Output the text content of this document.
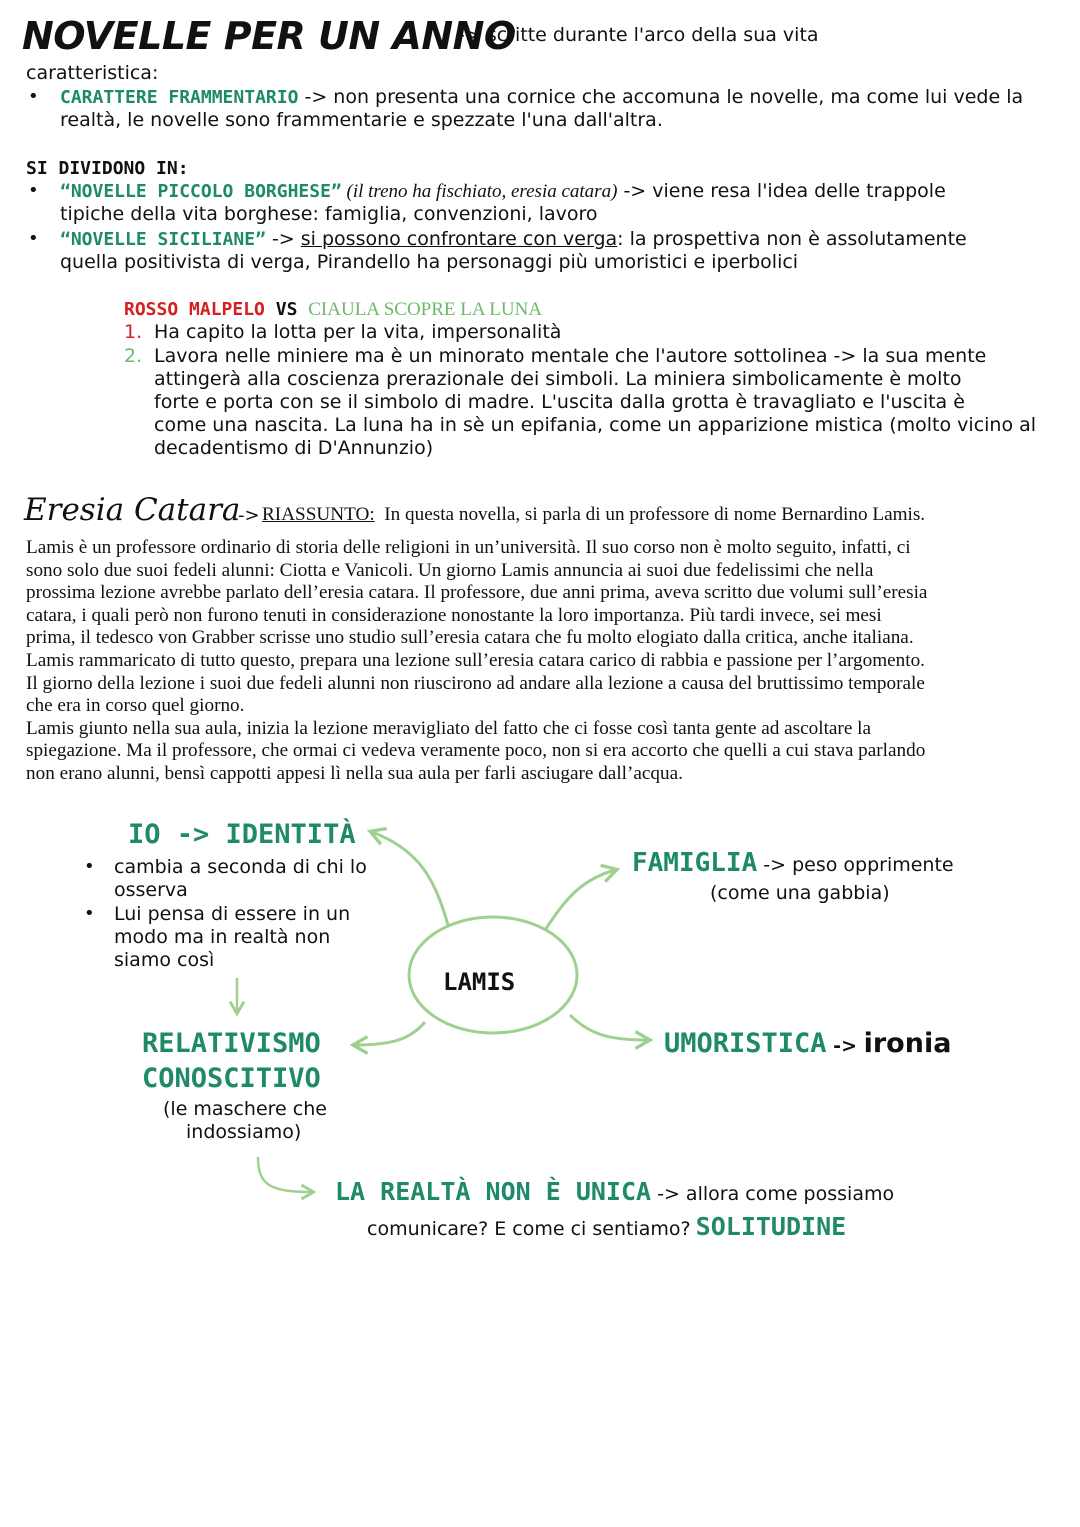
NOVELLE PER UN ANNO
-> scritte durante l'arco della sua vita
caratteristica:
• CARATTERE FRAMMENTARIO -> non presenta una cornice che accomuna le novelle, ma come lui vede la
realtà, le novelle sono frammentarie e spezzate l'una dall'altra.
SI DIVIDONO IN:
• “NOVELLE PICCOLO BORGHESE” (il treno ha fischiato, eresia catara) -> viene resa l'idea delle trappole
tipiche della vita borghese: famiglia, convenzioni, lavoro
• “NOVELLE SICILIANE” -> si possono confrontare con verga: la prospettiva non è assolutamente
quella positivista di verga, Pirandello ha personaggi più umoristici e iperbolici
ROSSO MALPELO VS CIAULA SCOPRE LA LUNA
1. Ha capito la lotta per la vita, impersonalità
2. Lavora nelle miniere ma è un minorato mentale che l'autore sottolinea -> la sua mente
attingerà alla coscienza prerazionale dei simboli. La miniera simbolicamente è molto
forte e porta con se il simbolo di madre. L'uscita dalla grotta è travagliato e l'uscita è
come una nascita. La luna ha in sè un epifania, come un apparizione mistica (molto vicino al
decadentismo di D'Annunzio)
Eresia Catara
-> RIASSUNTO: In questa novella, si parla di un professore di nome Bernardino Lamis.
Lamis è un professore ordinario di storia delle religioni in un’università. Il suo corso non è molto seguito, infatti, ci
sono solo due suoi fedeli alunni: Ciotta e Vanicoli. Un giorno Lamis annuncia ai suoi due fedelissimi che nella
prossima lezione avrebbe parlato dell’eresia catara. Il professore, due anni prima, aveva scritto due volumi sull’eresia
catara, i quali però non furono tenuti in considerazione nonostante la loro importanza. Più tardi invece, sei mesi
prima, il tedesco von Grabber scrisse uno studio sull’eresia catara che fu molto elogiato dalla critica, anche italiana.
Lamis rammaricato di tutto questo, prepara una lezione sull’eresia catara carico di rabbia e passione per l’argomento.
Il giorno della lezione i suoi due fedeli alunni non riuscirono ad andare alla lezione a causa del bruttissimo temporale
che era in corso quel giorno.
Lamis giunto nella sua aula, inizia la lezione meravigliato del fatto che ci fosse così tanta gente ad ascoltare la
spiegazione. Ma il professore, che ormai ci vedeva veramente poco, non si era accorto che quelli a cui stava parlando
non erano alunni, bensì cappotti appesi lì nella sua aula per farli asciugare dall’acqua.
LAMIS
IO -> IDENTITÀ
• cambia a seconda di chi lo
osserva
• Lui pensa di essere in un
modo ma in realtà non
siamo così
FAMIGLIA -> peso opprimente
(come una gabbia)
RELATIVISMO
CONOSCITIVO
(le maschere che
indossiamo)
UMORISTICA -> ironia
LA REALTÀ NON È UNICA -> allora come possiamo
comunicare? E come ci sentiamo? SOLITUDINE
